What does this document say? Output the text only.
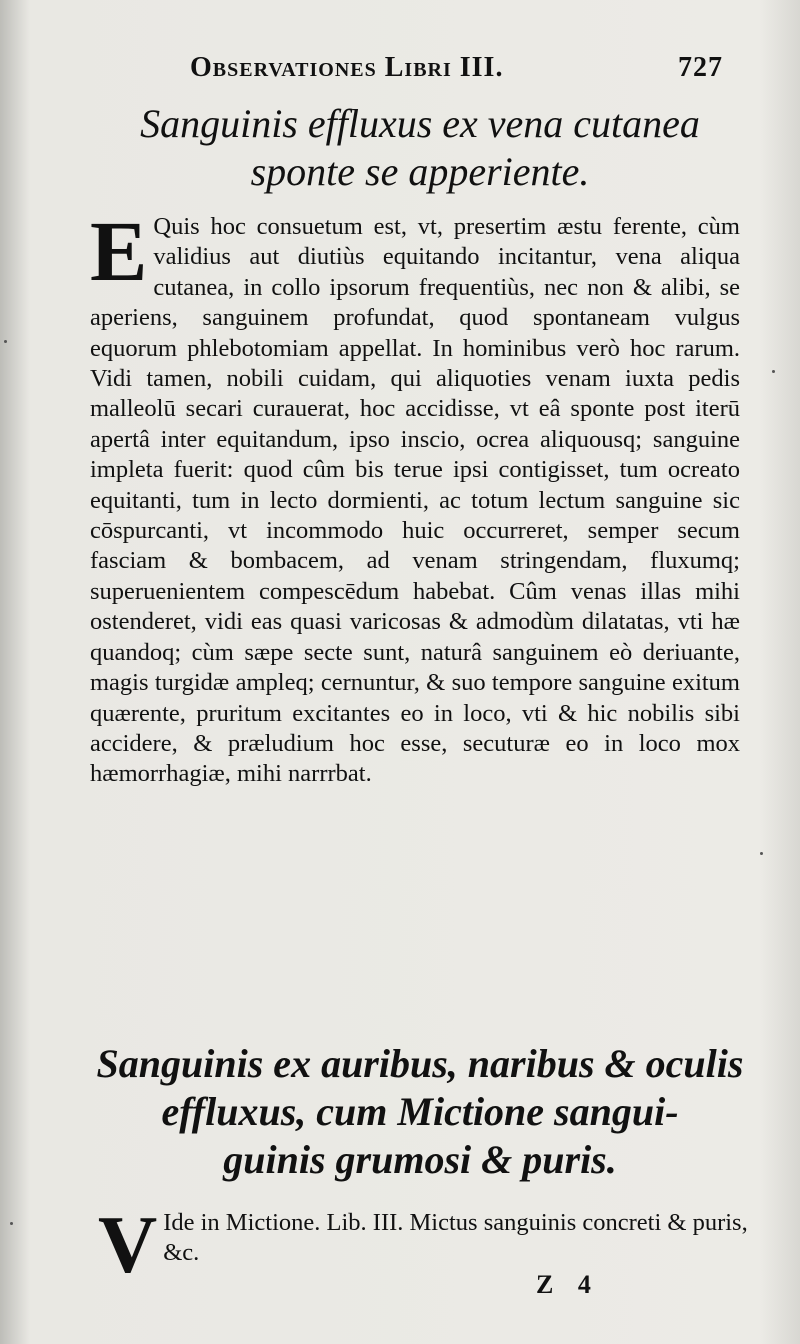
Observationes Libri III.	727
Sanguinis effluxus ex vena cutanea
sponte se apperiente.
E Quis hoc consuetum est, vt, presertim æstu ferente, cùm validius aut diutiùs equitando incitantur, vena aliqua cutanea, in collo ipsorum frequentiùs, nec non & alibi, se aperiens, sanguinem profundat, quod spontaneam vulgus equorum phlebotomiam appellat. In hominibus verò hoc rarum. Vidi tamen, nobili cuidam, qui aliquoties venam iuxta pedis malleolū secari curauerat, hoc accidisse, vt eâ sponte post iterū apertâ inter equitandum, ipso inscio, ocrea aliquousq; sanguine impleta fuerit: quod cûm bis terue ipsi contigisset, tum ocreato equitanti, tum in lecto dormienti, ac totum lectum sanguine sic cōspurcanti, vt incommodo huic occurreret, semper secum fasciam & bombacem, ad venam stringendam, fluxumq; superuenientem compescēdum habebat. Cûm venas illas mihi ostenderet, vidi eas quasi varicosas & admodùm dilatatas, vti hæ quandoq; cùm sæpe secte sunt, naturâ sanguinem eò deriuante, magis turgidæ ampleq; cernuntur, & suo tempore sanguine exitum quærente, pruritum excitantes eo in loco, vti & hic nobilis sibi accidere, & præludium hoc esse, secuturæ eo in loco mox hæmorrhagiæ, mihi narrrbat.
Sanguinis ex auribus, naribus & oculis
effluxus, cum Mictione sangui-
guinis grumosi & puris.
V Ide in Mictione. Lib. III. Mictus sanguinis concreti & puris, &c.
Z 4
